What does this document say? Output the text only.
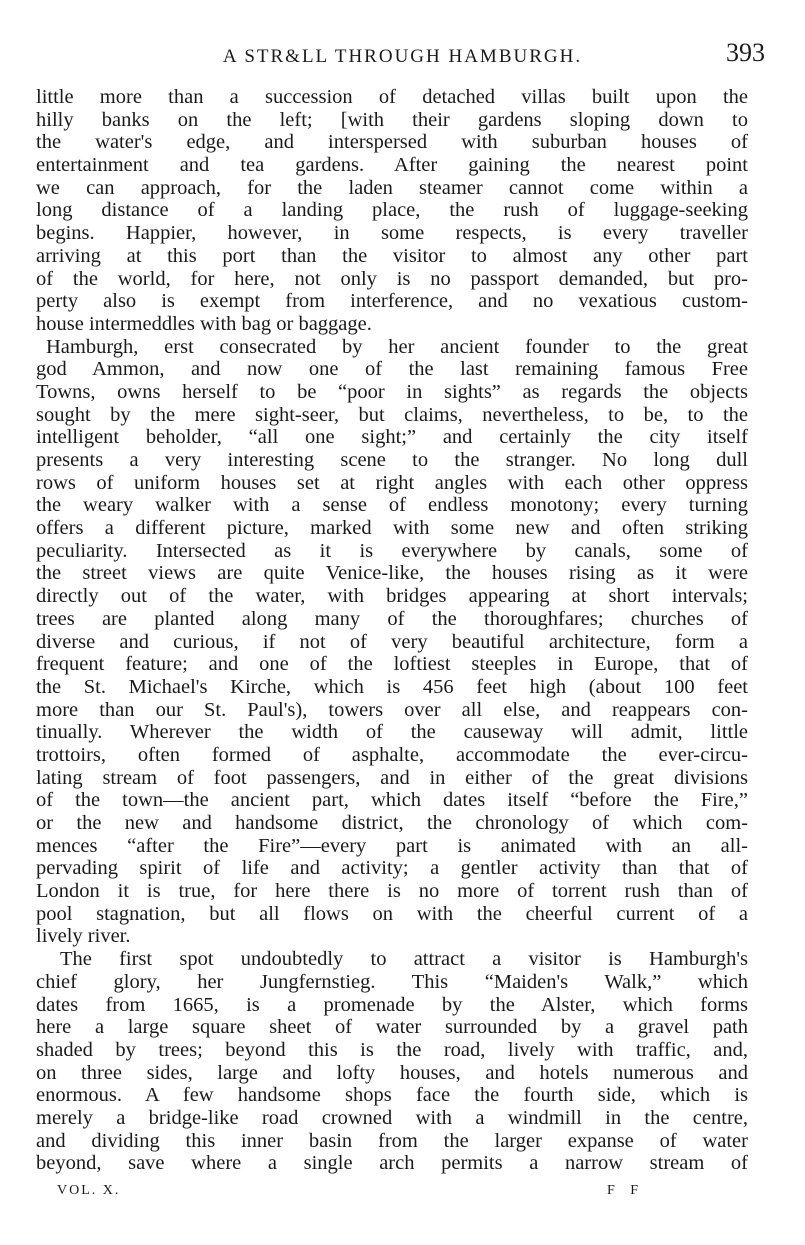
A STR&LL THROUGH HAMBURGH.	393
little more than a succession of detached villas built upon the
hilly banks on the left; [with their gardens sloping down to
the water's edge, and interspersed with suburban houses of
entertainment and tea gardens. After gaining the nearest point
we can approach, for the laden steamer cannot come within a
long distance of a landing place, the rush of luggage-seeking
begins. Happier, however, in some respects, is every traveller
arriving at this port than the visitor to almost any other part
of the world, for here, not only is no passport demanded, but pro-
perty also is exempt from interference, and no vexatious custom-
house intermeddles with bag or baggage.
Hamburgh, erst consecrated by her ancient founder to the great
god Ammon, and now one of the last remaining famous Free
Towns, owns herself to be “poor in sights” as regards the objects
sought by the mere sight-seer, but claims, nevertheless, to be, to the
intelligent beholder, “all one sight;” and certainly the city itself
presents a very interesting scene to the stranger. No long dull
rows of uniform houses set at right angles with each other oppress
the weary walker with a sense of endless monotony; every turning
offers a different picture, marked with some new and often striking
peculiarity. Intersected as it is everywhere by canals, some of
the street views are quite Venice-like, the houses rising as it were
directly out of the water, with bridges appearing at short intervals;
trees are planted along many of the thoroughfares; churches of
diverse and curious, if not of very beautiful architecture, form a
frequent feature; and one of the loftiest steeples in Europe, that of
the St. Michael's Kirche, which is 456 feet high (about 100 feet
more than our St. Paul's), towers over all else, and reappears con-
tinually. Wherever the width of the causeway will admit, little
trottoirs, often formed of asphalte, accommodate the ever-circu-
lating stream of foot passengers, and in either of the great divisions
of the town—the ancient part, which dates itself “before the Fire,”
or the new and handsome district, the chronology of which com-
mences “after the Fire”—every part is animated with an all-
pervading spirit of life and activity; a gentler activity than that of
London it is true, for here there is no more of torrent rush than of
pool stagnation, but all flows on with the cheerful current of a
lively river.
The first spot undoubtedly to attract a visitor is Hamburgh's
chief glory, her Jungfernstieg. This “Maiden's Walk,” which
dates from 1665, is a promenade by the Alster, which forms
here a large square sheet of water surrounded by a gravel path
shaded by trees; beyond this is the road, lively with traffic, and,
on three sides, large and lofty houses, and hotels numerous and
enormous. A few handsome shops face the fourth side, which is
merely a bridge-like road crowned with a windmill in the centre,
and dividing this inner basin from the larger expanse of water
beyond, save where a single arch permits a narrow stream of
VOL. X.	F F
